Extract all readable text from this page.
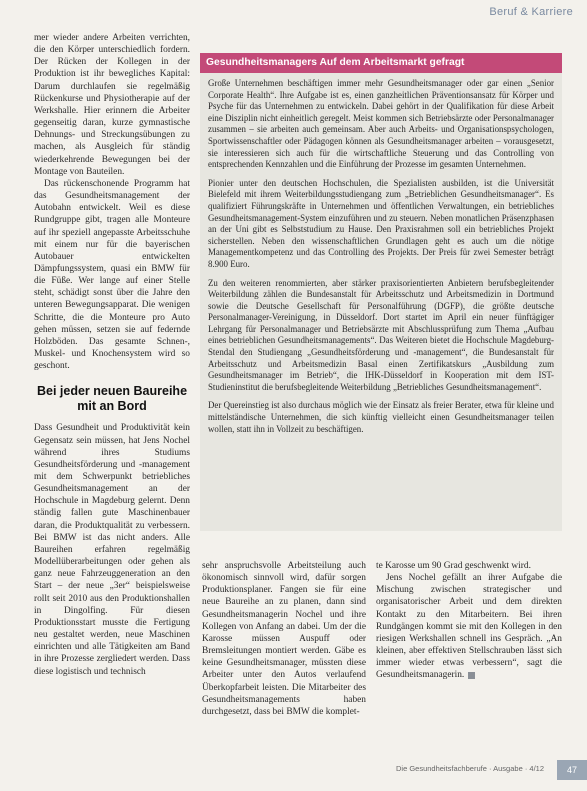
Beruf & Karriere

mer wieder andere Arbeiten verrichten, die den Körper unterschiedlich fordern. Der Rücken der Kollegen in der Produktion ist ihr bewegliches Kapital: Darum durchlaufen sie regelmäßig Rückenkurse und Physiotherapie auf der Werkshalle. Hier erinnern die Arbeiter gegenseitig daran, kurze gymnastische Dehnungs- und Streckungsübungen zu machen, als Ausgleich für ständig wiederkehrende Bewegungen bei der Montage von Bauteilen.

Das rückenschonende Programm hat das Gesundheitsmanagement der Autobahn entwickelt. Weil es diese Rundgruppe gibt, tragen alle Monteure auf ihr speziell angepasste Arbeitsschuhe mit einem nur für die bayerischen Autobauer entwickelten Dämpfungssystem, quasi ein BMW für die Füße. Wer lange auf einer Stelle steht, schädigt sonst über die Jahre den unteren Bewegungsapparat. Die wenigen Schritte, die die Monteure pro Auto gehen müssen, setzen sie auf federnde Holzböden. Das gesamte Schnen-, Muskel- und Knochensystem wird so geschont.

Bei jeder neuen Baureihe mit an Bord

Dass Gesundheit und Produktivität kein Gegensatz sein müssen, hat Jens Nochel während ihres Studiums Gesundheitsförderung und -management mit dem Schwerpunkt betriebliches Gesundheitsmanagement an der Hochschule in Magdeburg gelernt. Denn ständig fallen gute Maschinenbauer daran, die Produktqualität zu verbessern. Bei BMW ist das nicht anders. Alle Baureihen erfahren regelmäßig Modellüberarbeitungen oder gehen als ganz neue Fahrzeuggeneration an den Start – der neue „3er“ beispielsweise rollt seit 2010 aus den Produktionshallen in Dingolfing. Für diesen Produktionsstart musste die Fertigung neu gestaltet werden, neue Maschinen einrichten und alle Tätigkeiten am Band in ihre Prozesse zergliedert werden. Dass diese logistisch und technisch

Gesundheitsmanagers Auf dem Arbeitsmarkt gefragt

Große Unternehmen beschäftigen immer mehr Gesundheitsmanager oder gar einen „Senior Corporate Health“. Ihre Aufgabe ist es, einen ganzheitlichen Präventionsansatz für Körper und Psyche für das Unternehmen zu entwickeln. Dabei gehört in der Qualifikation für diese Arbeit eine Disziplin nicht einheitlich geregelt. Meist kommen sich Betriebsärzte oder Personalmanager zusammen – sie arbeiten auch gemeinsam. Aber auch Arbeits- und Organisationspsychologen, Sportwissenschaftler oder Pädagogen können als Gesundheitsmanager arbeiten – vorausgesetzt, sie interessieren sich auch für die wirtschaftliche Steuerung und das Controlling von entsprechenden Kennzahlen und die Einführung der Prozesse im gesamten Unternehmen.

Pionier unter den deutschen Hochschulen, die Spezialisten ausbilden, ist die Universität Bielefeld mit ihrem Weiterbildungsstudiengang zum „Betrieblichen Gesundheitsmanager“. Es qualifiziert Führungskräfte in Unternehmen und öffentlichen Verwaltungen, ein betriebliches Gesundheitsmanagement-System einzuführen und zu steuern. Neben monatlichen Präsenzphasen an der Uni gibt es Selbststudium zu Hause. Den Praxisrahmen soll ein betriebliches Projekt sicherstellen. Neben den wissenschaftlichen Grundlagen geht es auch um die nötige Managementkompetenz und das Controlling des Projekts. Der Preis für zwei Semester beträgt 8.900 Euro.

Zu den weiteren renommierten, aber stärker praxisorientierten Anbietern berufsbegleitender Weiterbildung zählen die Bundesanstalt für Arbeitsschutz und Arbeitsmedizin in Dortmund sowie die Deutsche Gesellschaft für Personalführung (DGFP), die größte deutsche Personalmanager-Vereinigung, in Düsseldorf. Dort startet im April ein neuer fünftägiger Lehrgang für Personalmanager und Betriebsärzte mit Abschlussprüfung zum Thema „Aufbau eines betrieblichen Gesundheitsmanagements“. Das Weiteren bietet die Hochschule Magdeburg-Stendal den Studiengang „Gesundheitsförderung und -management“, die Bundesanstalt für Arbeitsschutz und Arbeitsmedizin Basal einen Zertifikatskurs „Ausbildung zum Gesundheitsmanager im Betrieb“, die IHK-Düsseldorf in Kooperation mit dem IST-Studieninstitut die berufsbegleitende Weiterbildung „Betriebliches Gesundheitsmanagement“.

Der Quereinstieg ist also durchaus möglich wie der Einsatz als freier Berater, etwa für kleine und mittelständische Unternehmen, die sich künftig vielleicht einen Gesundheitsmanager teilen wollen, statt ihn in Vollzeit zu beschäftigen.

sehr anspruchsvolle Arbeitsteilung auch ökonomisch sinnvoll wird, dafür sorgen Produktionsplaner. Fangen sie für eine neue Baureihe an zu planen, dann sind Gesundheitsmanagerin Nochel und ihre Kollegen von Anfang an dabei. Um der die Karosse müssen Auspuff oder Bremsleitungen montiert werden. Gäbe es keine Gesundheitsmanager, müssten diese Arbeiter unter den Autos verlaufend Überkopfarbeit leisten. Die Mitarbeiter des Gesundheitsmanagements haben durchgesetzt, dass bei BMW die komplet-

te Karosse um 90 Grad geschwenkt wird.

Jens Nochel gefällt an ihrer Aufgabe die Mischung zwischen strategischer und organisatorischer Arbeit und dem direkten Kontakt zu den Mitarbeitern. Bei ihren Rundgängen kommt sie mit den Kollegen in den riesigen Werkshallen schnell ins Gespräch. „An kleinen, aber effektiven Stellschrauben lässt sich immer wieder etwas verbessern“, sagt die Gesundheitsmanagerin.

Die Gesundheitsfachberufe · Ausgabe · 4/12	47
